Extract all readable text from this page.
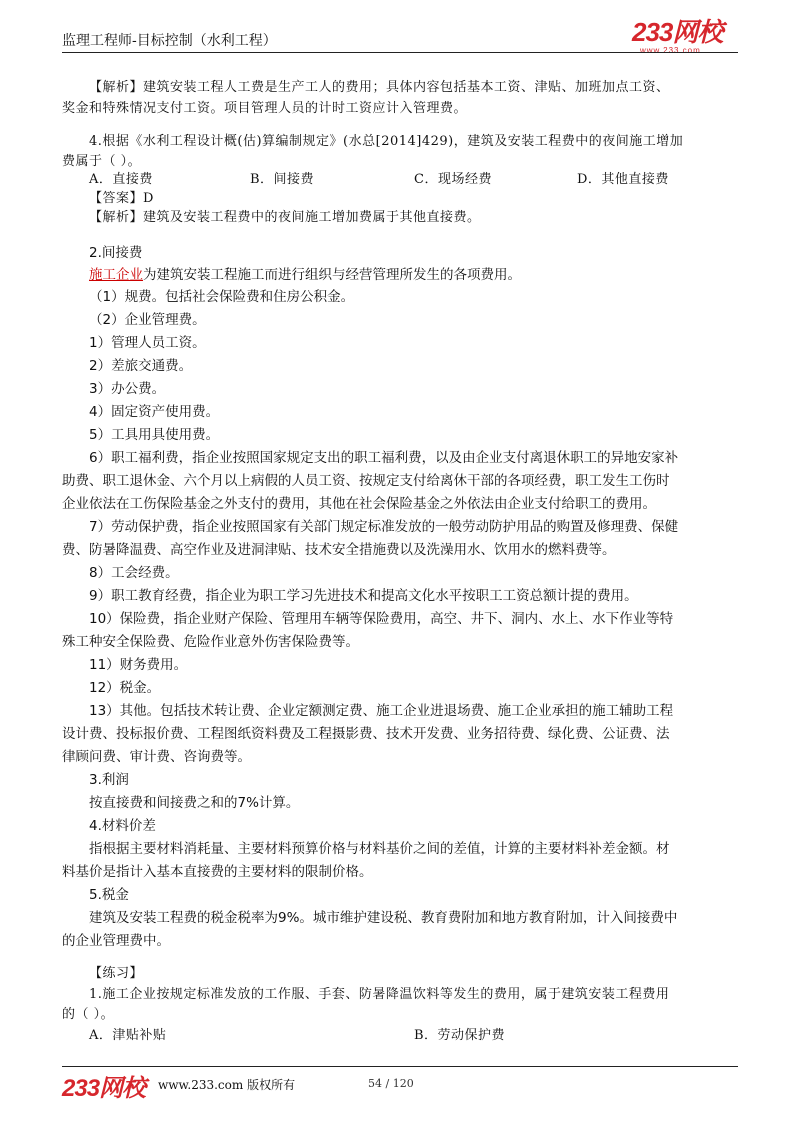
监理工程师-目标控制（水利工程）	233网校
www.233.com
【解析】建筑安装工程人工费是生产工人的费用；具体内容包括基本工资、津贴、加班加点工资、
奖金和特殊情况支付工资。项目管理人员的计时工资应计入管理费。
4.根据《水利工程设计概(估)算编制规定》(水总[2014]429)，建筑及安装工程费中的夜间施工增加
费属于（ ）。
A．直接费	B．间接费	C．现场经费	D．其他直接费
【答案】D
【解析】建筑及安装工程费中的夜间施工增加费属于其他直接费。
2.间接费
施工企业为建筑安装工程施工而进行组织与经营管理所发生的各项费用。
（1）规费。包括社会保险费和住房公积金。
（2）企业管理费。
1）管理人员工资。
2）差旅交通费。
3）办公费。
4）固定资产使用费。
5）工具用具使用费。
6）职工福利费，指企业按照国家规定支出的职工福利费，以及由企业支付离退休职工的异地安家补
助费、职工退休金、六个月以上病假的人员工资、按规定支付给离休干部的各项经费，职工发生工伤时
企业依法在工伤保险基金之外支付的费用，其他在社会保险基金之外依法由企业支付给职工的费用。
7）劳动保护费，指企业按照国家有关部门规定标准发放的一般劳动防护用品的购置及修理费、保健
费、防暑降温费、高空作业及进洞津贴、技术安全措施费以及洗澡用水、饮用水的燃料费等。
8）工会经费。
9）职工教育经费，指企业为职工学习先进技术和提高文化水平按职工工资总额计提的费用。
10）保险费，指企业财产保险、管理用车辆等保险费用，高空、井下、洞内、水上、水下作业等特
殊工种安全保险费、危险作业意外伤害保险费等。
11）财务费用。
12）税金。
13）其他。包括技术转让费、企业定额测定费、施工企业进退场费、施工企业承担的施工辅助工程
设计费、投标报价费、工程图纸资料费及工程摄影费、技术开发费、业务招待费、绿化费、公证费、法
律顾问费、审计费、咨询费等。
3.利润
按直接费和间接费之和的7%计算。
4.材料价差
指根据主要材料消耗量、主要材料预算价格与材料基价之间的差值，计算的主要材料补差金额。材
料基价是指计入基本直接费的主要材料的限制价格。
5.税金
建筑及安装工程费的税金税率为9%。城市维护建设税、教育费附加和地方教育附加，计入间接费中
的企业管理费中。
【练习】
1.施工企业按规定标准发放的工作服、手套、防暑降温饮料等发生的费用，属于建筑安装工程费用
的（ ）。
A．津贴补贴	B．劳动保护费
233网校 www.233.com 版权所有	54 / 120
